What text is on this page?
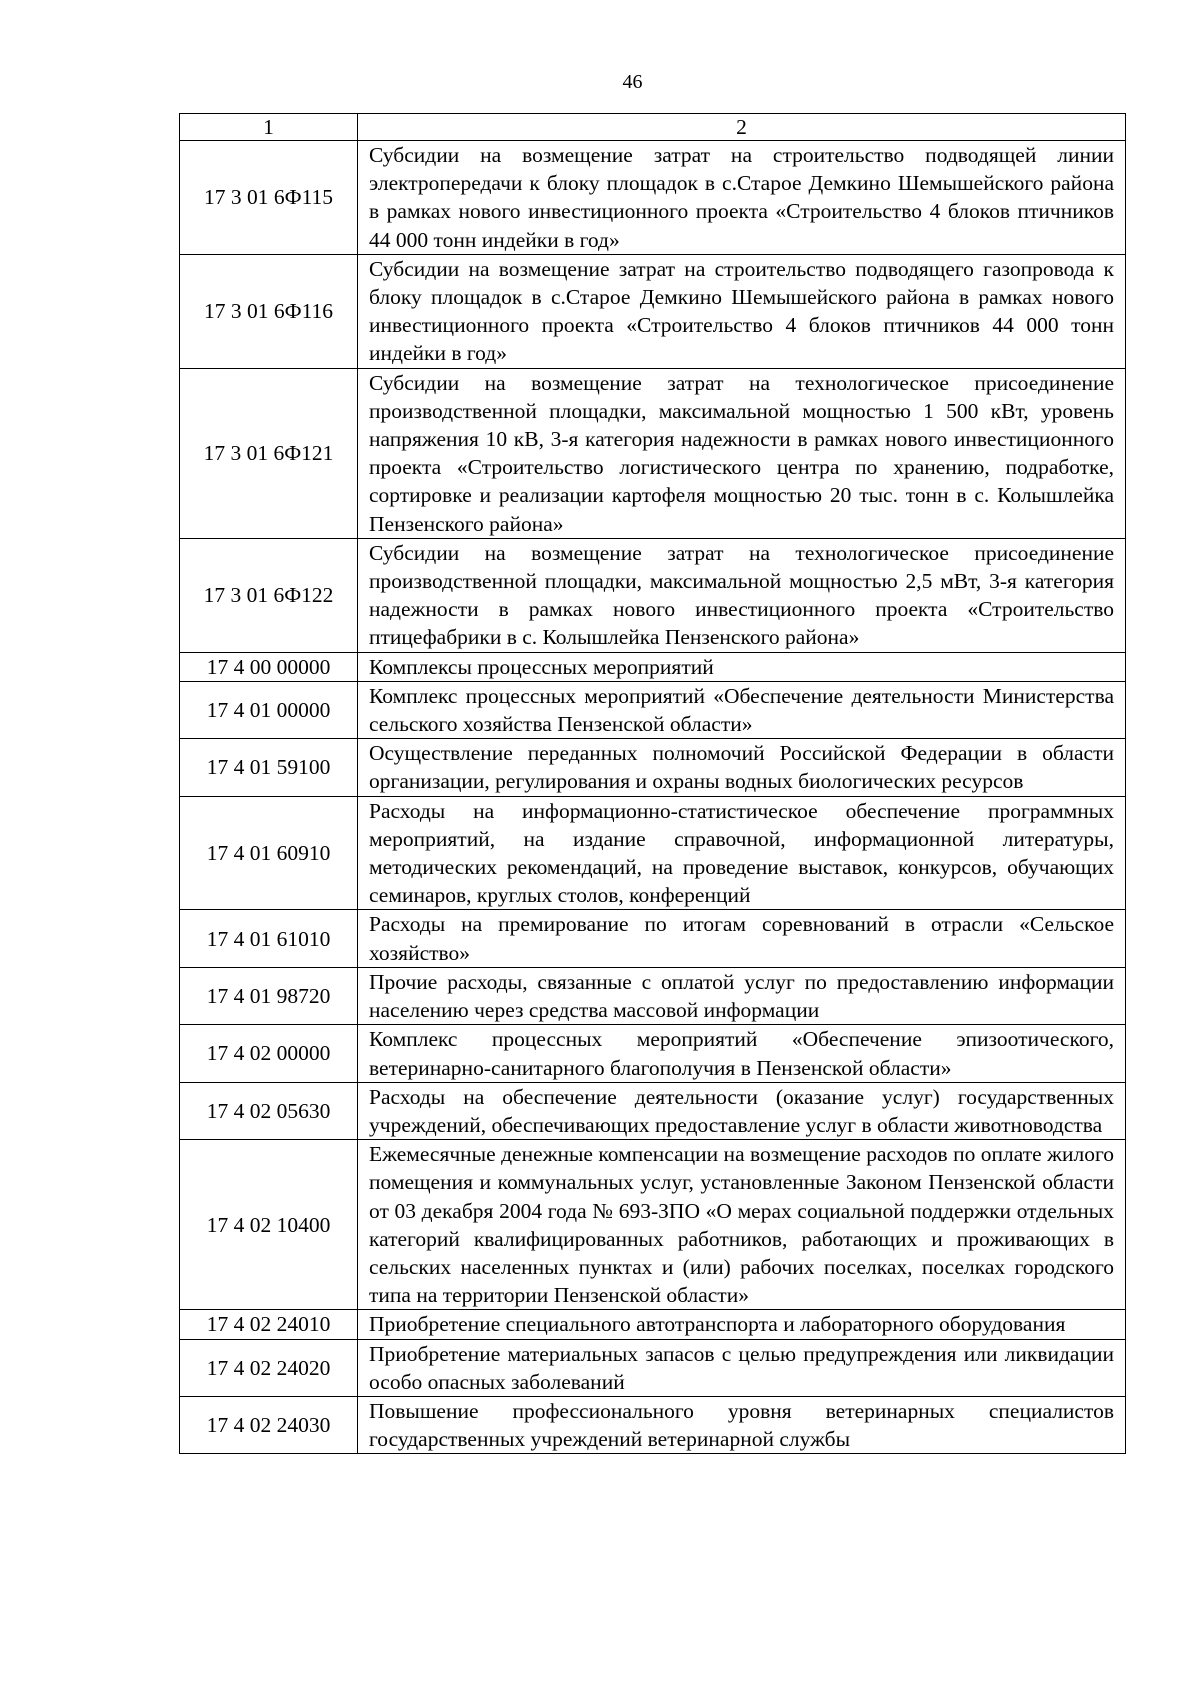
46
1	2
17 3 01 6Ф115	Субсидии на возмещение затрат на строительство подводящей линии электропередачи к блоку площадок в с.Старое Демкино Шемышейского района в рамках нового инвестиционного проекта «Строительство 4 блоков птичников 44 000 тонн индейки в год»
17 3 01 6Ф116	Субсидии на возмещение затрат на строительство подводящего газопровода к блоку площадок в с.Старое Демкино Шемышейского района в рамках нового инвестиционного проекта «Строительство 4 блоков птичников 44 000 тонн индейки в год»
17 3 01 6Ф121	Субсидии на возмещение затрат на технологическое присоединение производственной площадки, максимальной мощностью 1 500 кВт, уровень напряжения 10 кВ, 3-я категория надежности в рамках нового инвестиционного проекта «Строительство логистического центра по хранению, подработке, сортировке и реализации картофеля мощностью 20 тыс. тонн в с. Колышлейка Пензенского района»
17 3 01 6Ф122	Субсидии на возмещение затрат на технологическое присоединение производственной площадки, максимальной мощностью 2,5 мВт, 3-я категория надежности в рамках нового инвестиционного проекта «Строительство птицефабрики в с. Колышлейка Пензенского района»
17 4 00 00000	Комплексы процессных мероприятий
17 4 01 00000	Комплекс процессных мероприятий «Обеспечение деятельности Министерства сельского хозяйства Пензенской области»
17 4 01 59100	Осуществление переданных полномочий Российской Федерации в области организации, регулирования и охраны водных биологических ресурсов
17 4 01 60910	Расходы на информационно-статистическое обеспечение программных мероприятий, на издание справочной, информационной литературы, методических рекомендаций, на проведение выставок, конкурсов, обучающих семинаров, круглых столов, конференций
17 4 01 61010	Расходы на премирование по итогам соревнований в отрасли «Сельское хозяйство»
17 4 01 98720	Прочие расходы, связанные с оплатой услуг по предоставлению информации населению через средства массовой информации
17 4 02 00000	Комплекс процессных мероприятий «Обеспечение эпизоотического, ветеринарно-санитарного благополучия в Пензенской области»
17 4 02 05630	Расходы на обеспечение деятельности (оказание услуг) государственных учреждений, обеспечивающих предоставление услуг в области животноводства
17 4 02 10400	Ежемесячные денежные компенсации на возмещение расходов по оплате жилого помещения и коммунальных услуг, установленные Законом Пензенской области от 03 декабря 2004 года № 693-ЗПО «О мерах социальной поддержки отдельных категорий квалифицированных работников, работающих и проживающих в сельских населенных пунктах и (или) рабочих поселках, поселках городского типа на территории Пензенской области»
17 4 02 24010	Приобретение специального автотранспорта и лабораторного оборудования
17 4 02 24020	Приобретение материальных запасов с целью предупреждения или ликвидации особо опасных заболеваний
17 4 02 24030	Повышение профессионального уровня ветеринарных специалистов государственных учреждений ветеринарной службы
